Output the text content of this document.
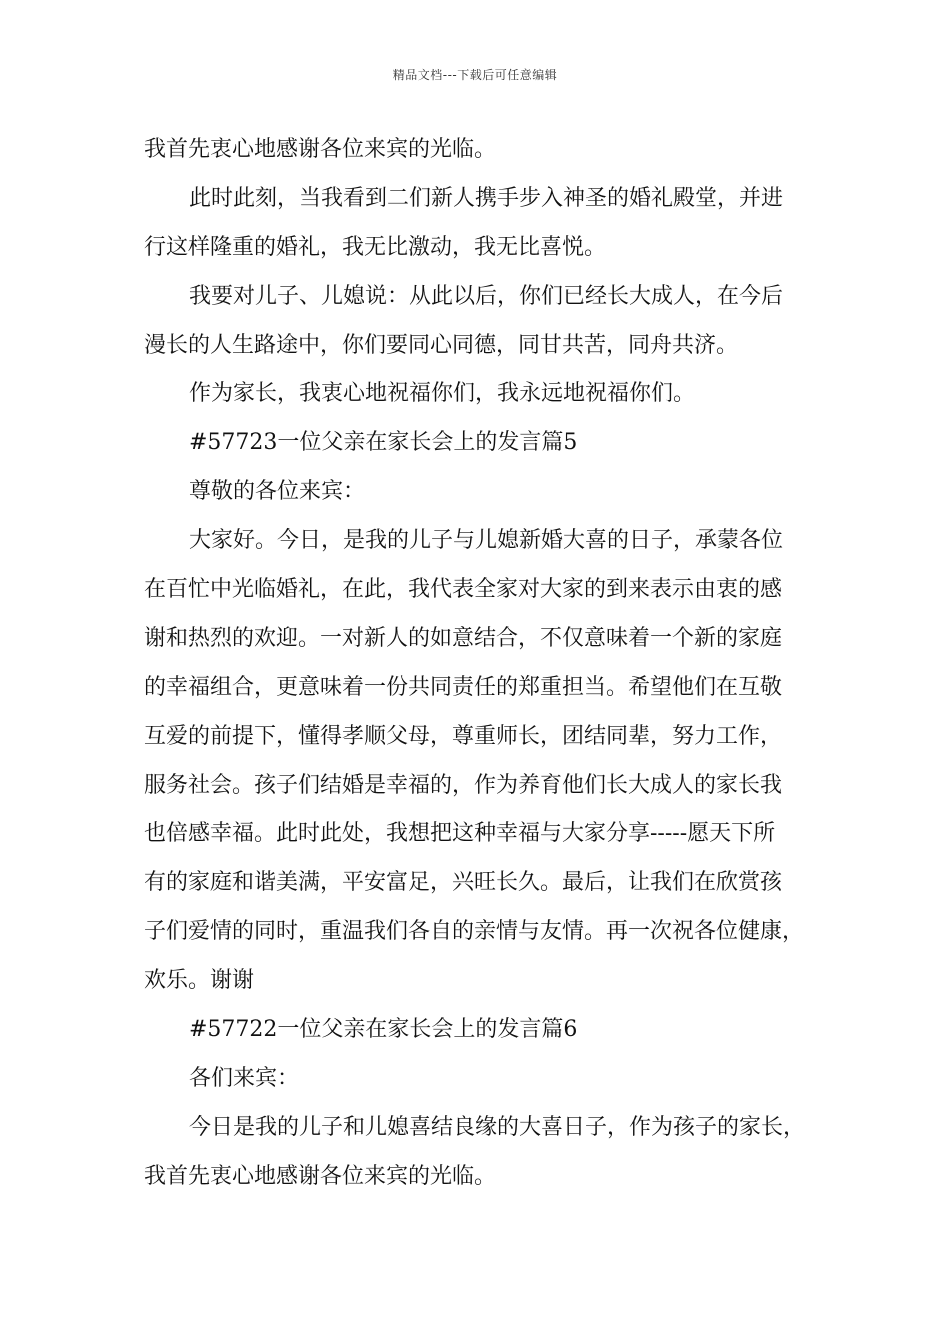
精品文档---下载后可任意编辑
我首先衷心地感谢各位来宾的光临。
此时此刻，当我看到二们新人携手步入神圣的婚礼殿堂，并进
行这样隆重的婚礼，我无比激动，我无比喜悦。
我要对儿子、儿媳说：从此以后，你们已经长大成人，在今后
漫长的人生路途中，你们要同心同德，同甘共苦，同舟共济。
作为家长，我衷心地祝福你们，我永远地祝福你们。
#57723一位父亲在家长会上的发言篇5
尊敬的各位来宾：
大家好。今日，是我的儿子与儿媳新婚大喜的日子，承蒙各位
在百忙中光临婚礼，在此，我代表全家对大家的到来表示由衷的感
谢和热烈的欢迎。一对新人的如意结合，不仅意味着一个新的家庭
的幸福组合，更意味着一份共同责任的郑重担当。希望他们在互敬
互爱的前提下，懂得孝顺父母，尊重师长，团结同辈，努力工作，
服务社会。孩子们结婚是幸福的，作为养育他们长大成人的家长我
也倍感幸福。此时此处，我想把这种幸福与大家分享-----愿天下所
有的家庭和谐美满，平安富足，兴旺长久。最后，让我们在欣赏孩
子们爱情的同时，重温我们各自的亲情与友情。再一次祝各位健康，
欢乐。谢谢
#57722一位父亲在家长会上的发言篇6
各们来宾：
今日是我的儿子和儿媳喜结良缘的大喜日子，作为孩子的家长，
我首先衷心地感谢各位来宾的光临。
